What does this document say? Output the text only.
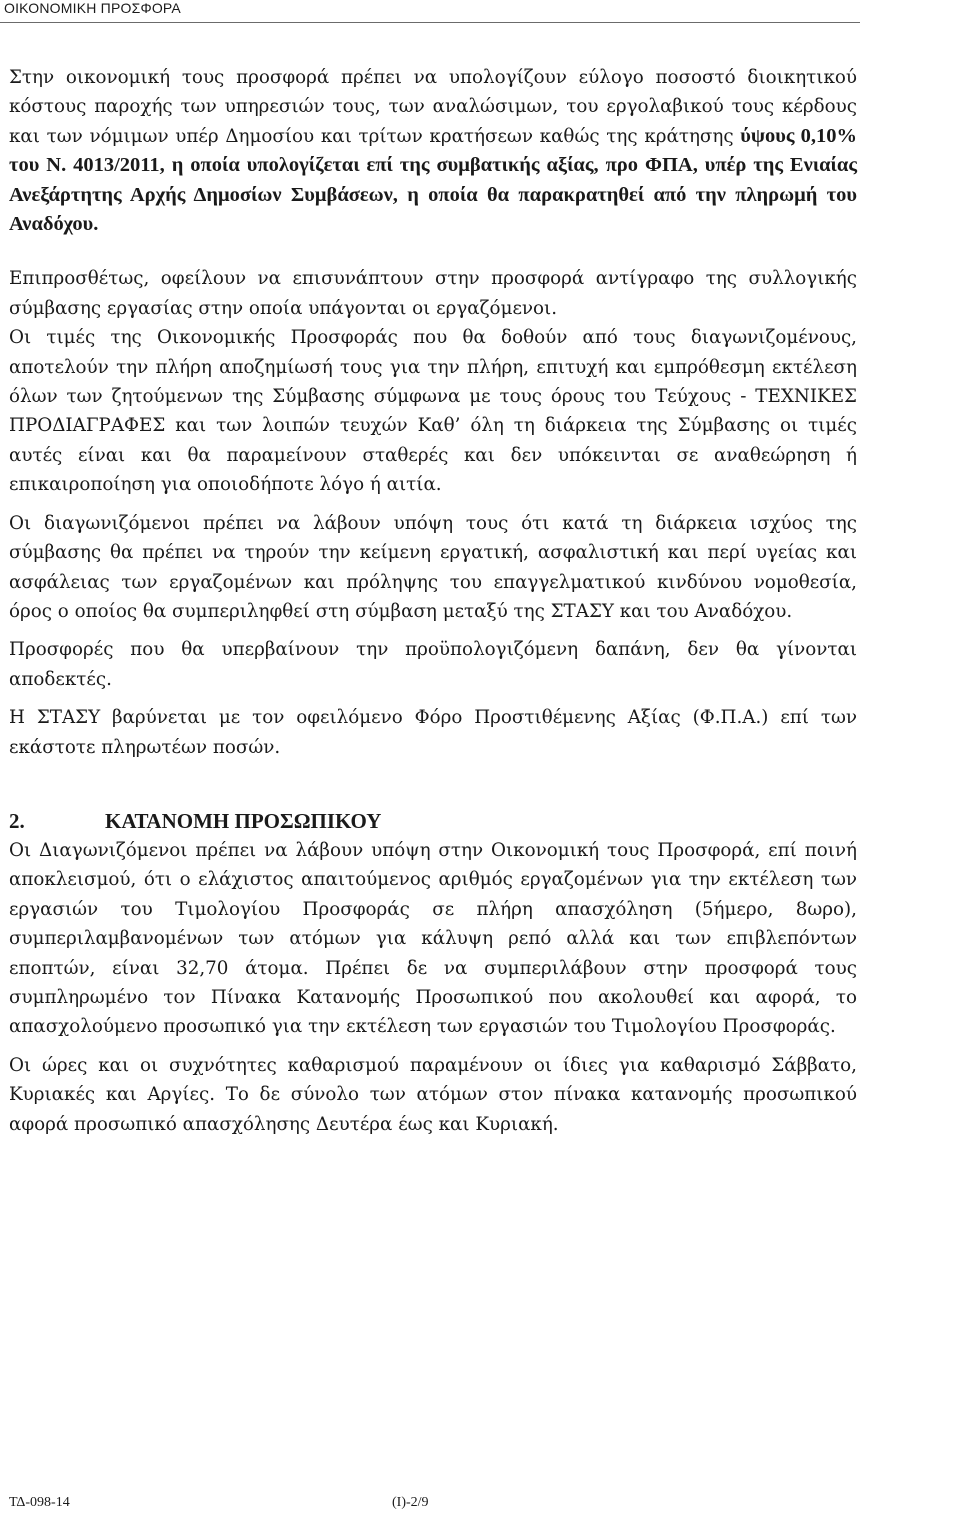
ΟΙΚΟΝΟΜΙΚΗ ΠΡΟΣΦΟΡΑ

Στην οικονομική τους προσφορά πρέπει να υπολογίζουν εύλογο ποσοστό διοικητικού κόστους παροχής των υπηρεσιών τους, των αναλώσιμων, του εργολαβικού τους κέρδους και των νόμιμων υπέρ Δημοσίου και τρίτων κρατήσεων καθώς της κράτησης ύψους 0,10% του Ν. 4013/2011, η οποία υπολογίζεται επί της συμβατικής αξίας, προ ΦΠΑ, υπέρ της Ενιαίας Ανεξάρτητης Αρχής Δημοσίων Συμβάσεων, η οποία θα παρακρατηθεί από την πληρωμή του Αναδόχου.

Επιπροσθέτως, οφείλουν να επισυνάπτουν στην προσφορά αντίγραφο της συλλογικής σύμβασης εργασίας στην οποία υπάγονται οι εργαζόμενοι.

Οι τιμές της Οικονομικής Προσφοράς που θα δοθούν από τους διαγωνιζομένους, αποτελούν την πλήρη αποζημίωσή τους για την πλήρη, επιτυχή και εμπρόθεσμη εκτέλεση όλων των ζητούμενων της Σύμβασης σύμφωνα με τους όρους του Τεύχους - ΤΕΧΝΙΚΕΣ ΠΡΟΔΙΑΓΡΑΦΕΣ και των λοιπών τευχών Καθ’ όλη τη διάρκεια της Σύμβασης οι τιμές αυτές είναι και θα παραμείνουν σταθερές και δεν υπόκεινται σε αναθεώρηση ή επικαιροποίηση για οποιοδήποτε λόγο ή αιτία.

Οι διαγωνιζόμενοι πρέπει να λάβουν υπόψη τους ότι κατά τη διάρκεια ισχύος της σύμβασης θα πρέπει να τηρούν την κείμενη εργατική, ασφαλιστική και περί υγείας και ασφάλειας των εργαζομένων και πρόληψης του επαγγελματικού κινδύνου νομοθεσία, όρος ο οποίος θα συμπεριληφθεί στη σύμβαση μεταξύ της ΣΤΑΣΥ και του Αναδόχου.

Προσφορές που θα υπερβαίνουν την προϋπολογιζόμενη δαπάνη, δεν θα γίνονται αποδεκτές.

Η ΣΤΑΣΥ βαρύνεται με τον οφειλόμενο Φόρο Προστιθέμενης Αξίας (Φ.Π.Α.) επί των εκάστοτε πληρωτέων ποσών.

2.	ΚΑΤΑΝΟΜΗ ΠΡΟΣΩΠΙΚΟΥ

Οι Διαγωνιζόμενοι πρέπει να λάβουν υπόψη στην Οικονομική τους Προσφορά, επί ποινή αποκλεισμού, ότι ο ελάχιστος απαιτούμενος αριθμός εργαζομένων για την εκτέλεση των εργασιών του Τιμολογίου Προσφοράς σε πλήρη απασχόληση (5ήμερο, 8ωρο), συμπεριλαμβανομένων των ατόμων για κάλυψη ρεπό αλλά και των επιβλεπόντων εποπτών, είναι 32,70 άτομα. Πρέπει δε να συμπεριλάβουν στην προσφορά τους συμπληρωμένο τον Πίνακα Κατανομής Προσωπικού που ακολουθεί και αφορά, το απασχολούμενο προσωπικό για την εκτέλεση των εργασιών του Τιμολογίου Προσφοράς.

Οι ώρες και οι συχνότητες καθαρισμού παραμένουν οι ίδιες για καθαρισμό Σάββατο, Κυριακές και Αργίες. Το δε σύνολο των ατόμων στον πίνακα κατανομής προσωπικού αφορά προσωπικό απασχόλησης Δευτέρα έως και Κυριακή.

ΤΔ-098-14	(Ι)-2/9
